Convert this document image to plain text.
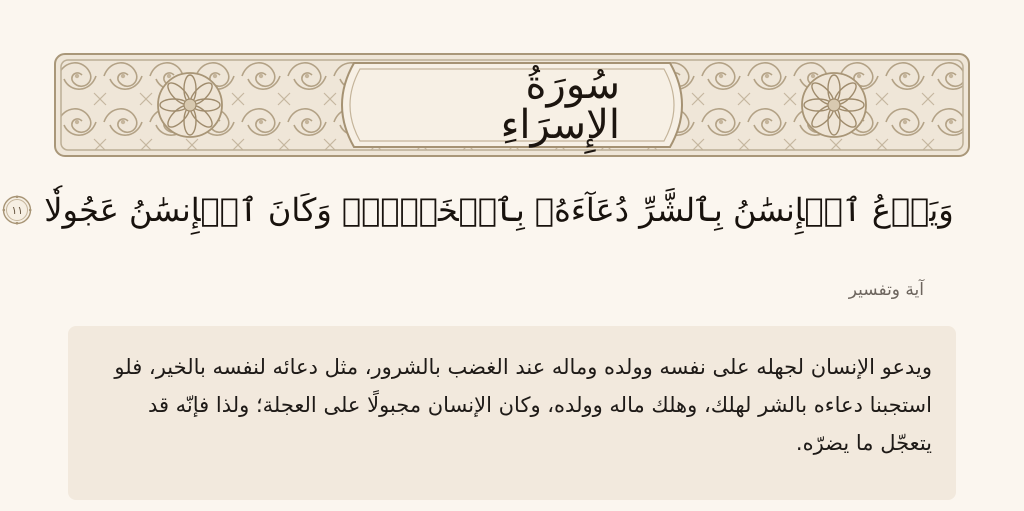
سُورَةُ الإِسرَاءِ
وَيَدۡعُ ٱلۡإِنسَٰنُ بِٱلشَّرِّ دُعَآءَهُۥ بِٱلۡخَيۡرِۖ وَكَانَ ٱلۡإِنسَٰنُ عَجُولٗا
١١
آية وتفسير

ويدعو الإنسان لجهله على نفسه وولده وماله عند الغضب بالشرور، مثل دعائه لنفسه بالخير، فلو استجبنا دعاءه بالشر لهلك، وهلك ماله وولده، وكان الإنسان مجبولًا على العجلة؛ ولذا فإنّه قد يتعجّل ما يضرّه.
